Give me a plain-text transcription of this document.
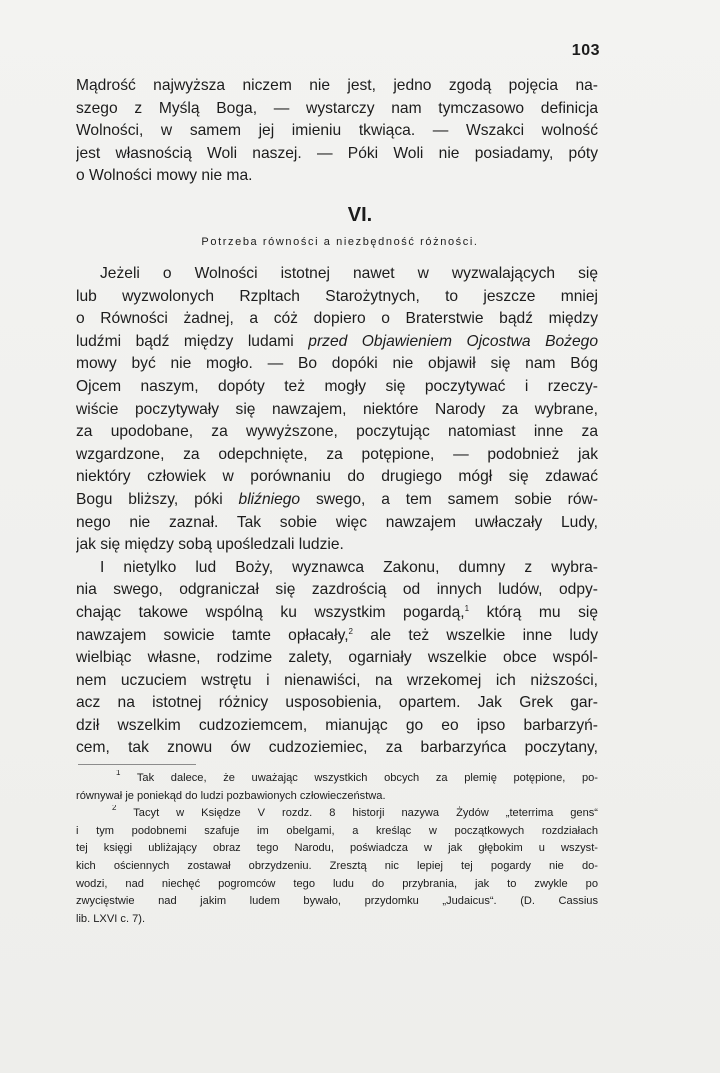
103
Mądrość najwyższa niczem nie jest, jedno zgodą pojęcia na-
szego z Myślą Boga, — wystarczy nam tymczasowo definicja
Wolności, w samem jej imieniu tkwiąca. — Wszakci wolność
jest własnością Woli naszej. — Póki Woli nie posiadamy, póty
o Wolności mowy nie ma.
VI.
Potrzeba równości a niezbędność różności.
Jeżeli o Wolności istotnej nawet w wyzwalających się
lub wyzwolonych Rzpltach Starożytnych, to jeszcze mniej
o Równości żadnej, a cóż dopiero o Braterstwie bądź między
ludźmi bądź między ludami przed Objawieniem Ojcostwa Bożego
mowy być nie mogło. — Bo dopóki nie objawił się nam Bóg
Ojcem naszym, dopóty też mogły się poczytywać i rzeczy-
wiście poczytywały się nawzajem, niektóre Narody za wybrane,
za upodobane, za wywyższone, poczytując natomiast inne za
wzgardzone, za odepchnięte, za potępione, — podobnież jak
niektóry człowiek w porównaniu do drugiego mógł się zdawać
Bogu bliższy, póki bliźniego swego, a tem samem sobie rów-
nego nie zaznał. Tak sobie więc nawzajem uwłaczały Ludy,
jak się między sobą upośledzali ludzie.
I nietylko lud Boży, wyznawca Zakonu, dumny z wybra-
nia swego, odgraniczał się zazdrością od innych ludów, odpy-
chając takowe wspólną ku wszystkim pogardą,$^1$ którą mu się
nawzajem sowicie tamte opłacały,$^2$ ale też wszelkie inne ludy
wielbiąc własne, rodzime zalety, ogarniały wszelkie obce wspól-
nem uczuciem wstrętu i nienawiści, na wrzekomej ich niższości,
acz na istotnej różnicy usposobienia, opartem. Jak Grek gar-
dził wszelkim cudzoziemcem, mianując go eo ipso barbarzyń-
cem, tak znowu ów cudzoziemiec, za barbarzyńca poczytany,
$^1$ Tak dalece, że uważając wszystkich obcych za plemię potępione, po-
równywał je poniekąd do ludzi pozbawionych człowieczeństwa.
$^2$ Tacyt w Księdze V rozdz. 8 historji nazywa Żydów „teterrima gens“
i tym podobnemi szafuje im obelgami, a kreśląc w początkowych rozdziałach
tej księgi ubliżający obraz tego Narodu, poświadcza w jak głębokim u wszyst-
kich ościennych zostawał obrzydzeniu. Zresztą nic lepiej tej pogardy nie do-
wodzi, nad niechęć pogromców tego ludu do przybrania, jak to zwykle po
zwycięstwie nad jakim ludem bywało, przydomku „Judaicus“. (D. Cassius
lib. LXVI c. 7).
